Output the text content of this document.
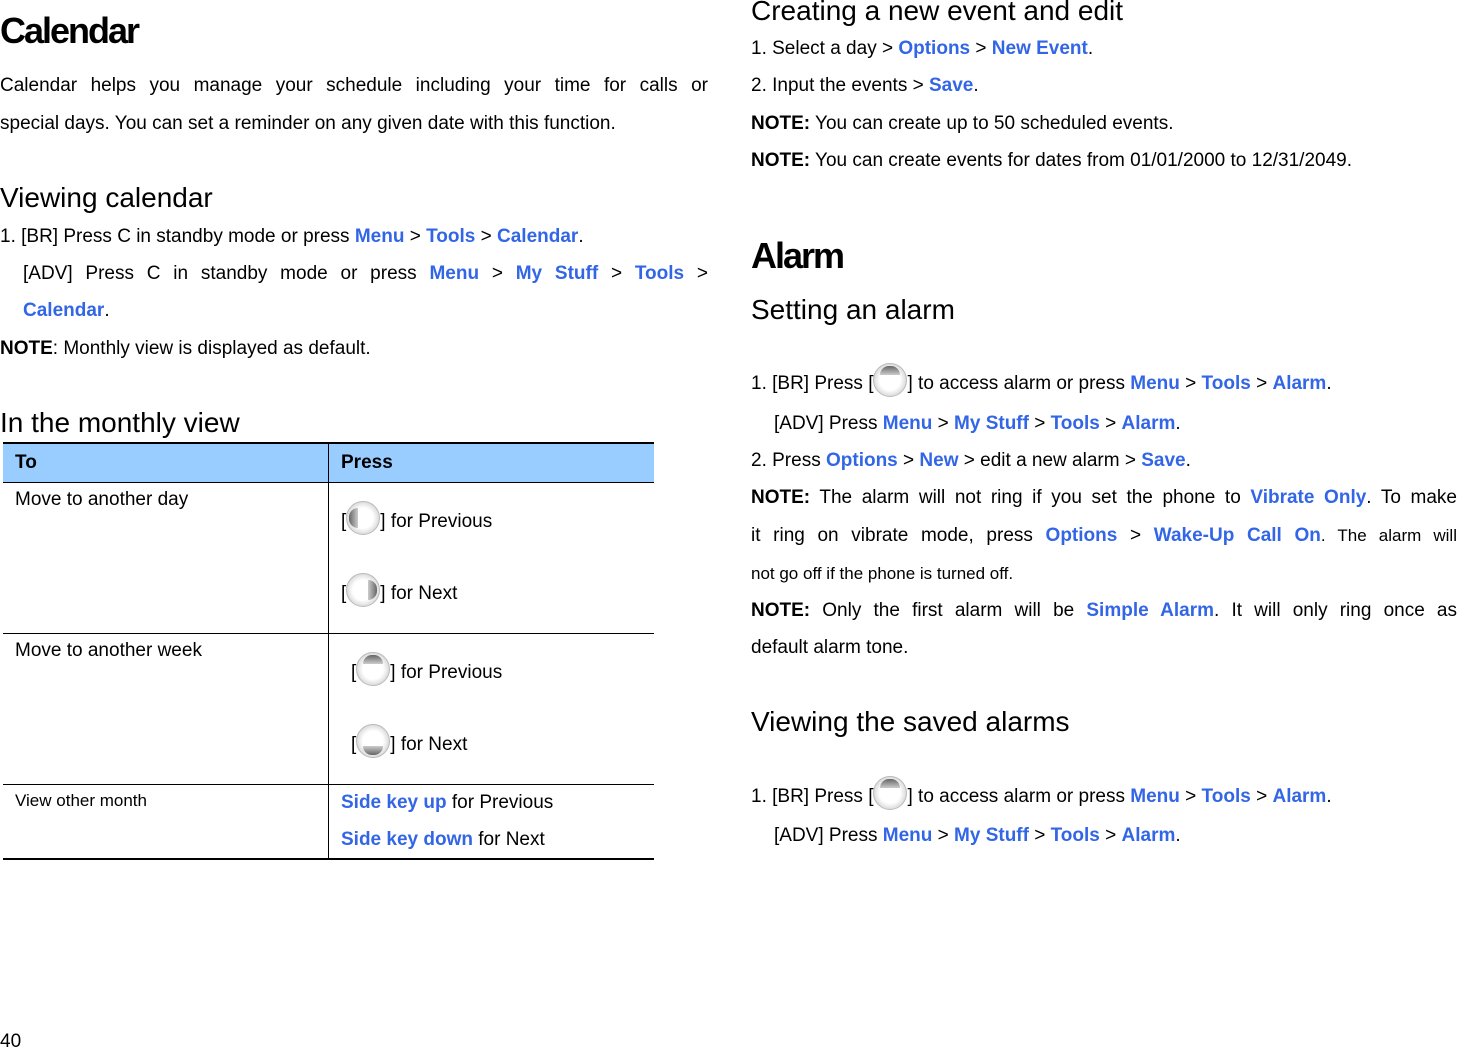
Calendar
Calendar helps you manage your schedule including your time for calls or
special days. You can set a reminder on any given date with this function.
Viewing calendar
1. [BR] Press C in standby mode or press Menu > Tools > Calendar.
[ADV] Press C in standby mode or press Menu > My Stuff > Tools >
Calendar.
NOTE: Monthly view is displayed as default.
In the monthly view
To	Press
Move to another day	[ ] for Previous
[ ] for Next

Move to another week	[ ] for Previous
[ ] for Next

View other month	Side key up for Previous
Side key down for Next
Creating a new event and edit
1. Select a day > Options > New Event.
2. Input the events > Save.
NOTE: You can create up to 50 scheduled events.
NOTE: You can create events for dates from 01/01/2000 to 12/31/2049.
Alarm
Setting an alarm
1. [BR] Press [ ] to access alarm or press Menu > Tools > Alarm.
[ADV] Press Menu > My Stuff > Tools > Alarm.
2. Press Options > New > edit a new alarm > Save.
NOTE: The alarm will not ring if you set the phone to Vibrate Only. To make
it ring on vibrate mode, press Options > Wake-Up Call On. The alarm will
not go off if the phone is turned off.
NOTE: Only the first alarm will be Simple Alarm. It will only ring once as
default alarm tone.
Viewing the saved alarms
1. [BR] Press [ ] to access alarm or press Menu > Tools > Alarm.
[ADV] Press Menu > My Stuff > Tools > Alarm.
40
